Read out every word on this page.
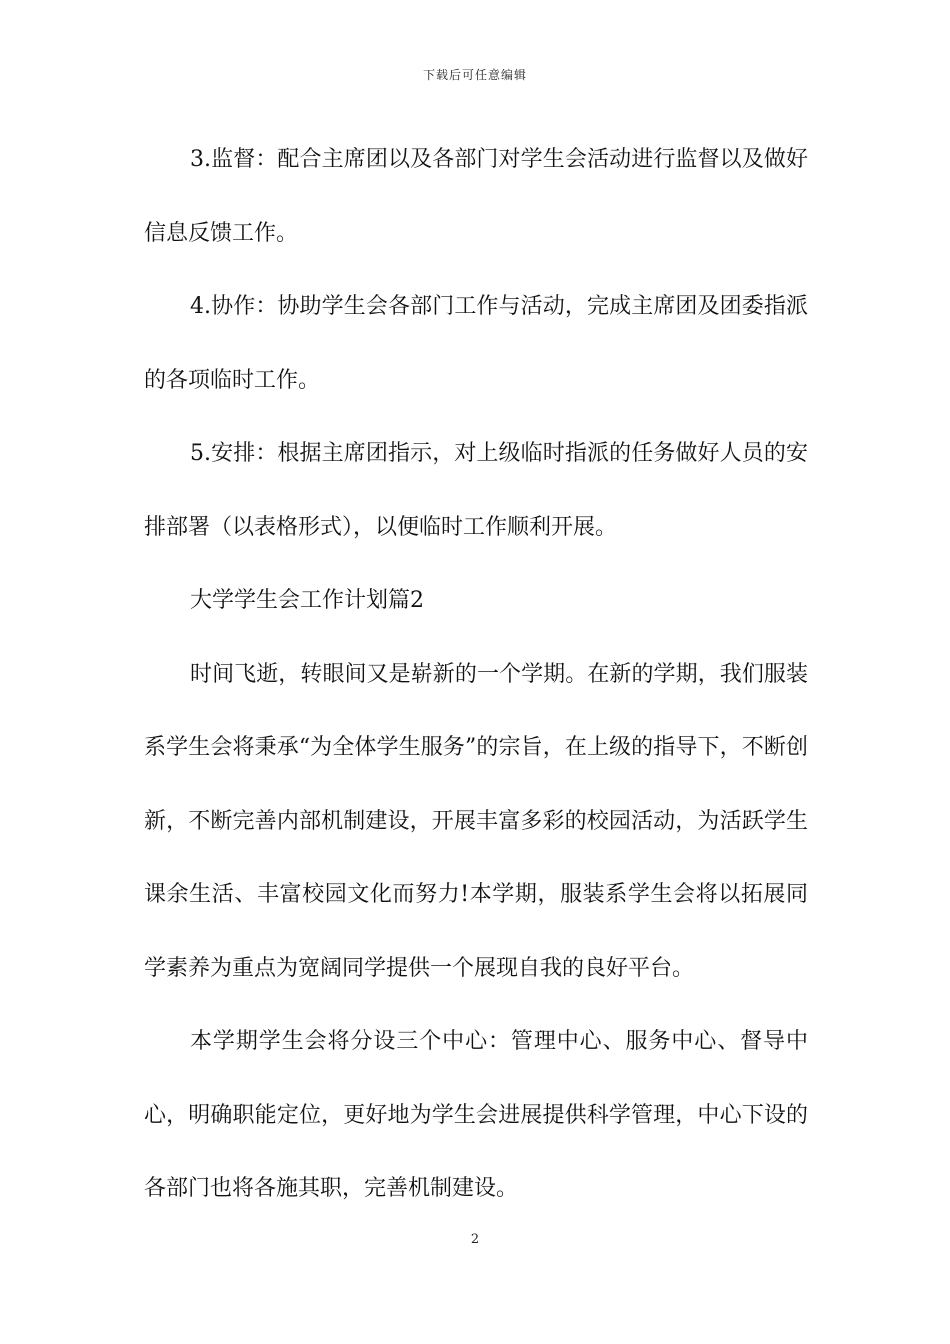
下载后可任意编辑

3.监督：配合主席团以及各部门对学生会活动进行监督以及做好信息反馈工作。

4.协作：协助学生会各部门工作与活动，完成主席团及团委指派的各项临时工作。

5.安排：根据主席团指示，对上级临时指派的任务做好人员的安排部署（以表格形式），以便临时工作顺利开展。

大学学生会工作计划篇2

时间飞逝，转眼间又是崭新的一个学期。在新的学期，我们服装系学生会将秉承“为全体学生服务”的宗旨，在上级的指导下，不断创新，不断完善内部机制建设，开展丰富多彩的校园活动，为活跃学生课余生活、丰富校园文化而努力!本学期，服装系学生会将以拓展同学素养为重点为宽阔同学提供一个展现自我的良好平台。

本学期学生会将分设三个中心：管理中心、服务中心、督导中心，明确职能定位，更好地为学生会进展提供科学管理，中心下设的各部门也将各施其职，完善机制建设。

2
